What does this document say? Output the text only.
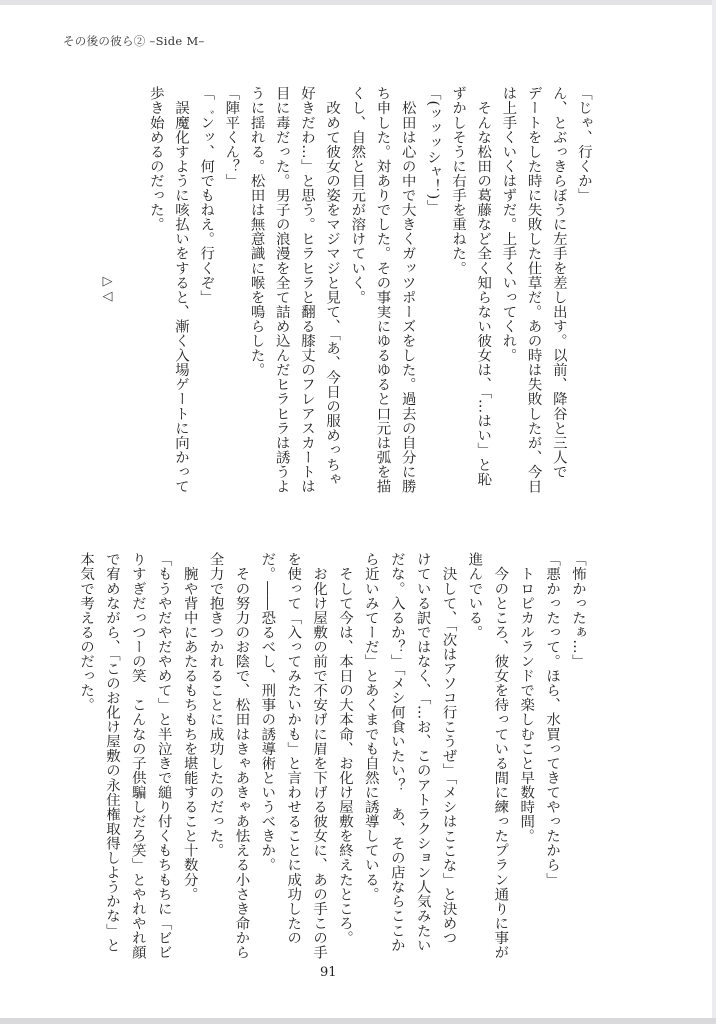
その後の彼ら② –Side M–
「じゃ、行くか」
ん、とぶっきらぼうに左手を差し出す。以前、降谷と三人で
デートをした時に失敗した仕草だ。あの時は失敗したが、今日
は上手くいくはずだ。上手くいってくれ。
　そんな松田の葛藤など全く知らない彼女は、「…はい」と恥
ずかしそうに右手を重ねた。
「(ッッッシャ！)」
　松田は心の中で大きくガッツポーズをした。過去の自分に勝
ち申した。対ありでした。その事実にゆるゆると口元は弧を描
くし、自然と目元が溶けていく。
　改めて彼女の姿をマジマジと見て、「あ、今日の服めっちゃ
好きだわ…」と思う。ヒラヒラと翻る膝丈のフレアスカートは
目に毒だった。男子の浪漫を全て詰め込んだヒラヒラは誘うよ
うに揺れる。松田は無意識に喉を鳴らした。
「陣平くん？」
「゛ンッ、何でもねえ。行くぞ」
　誤魔化すように咳払いをすると、漸く入場ゲートに向かって
歩き始めるのだった。
▷◁
「怖かったぁ…」
「悪かったって。ほら、水買ってきてやったから」
　トロピカルランドで楽しむこと早数時間。
　今のところ、彼女を待っている間に練ったプラン通りに事が
進んでいる。
　決して、「次はアソコ行こうぜ」「メシはここな」と決めつ
けている訳ではなく、「…お、このアトラクション人気みたい
だな。入るか？」「メシ何食いたい？　あ、その店ならここか
ら近いみてーだ」とあくまでも自然に誘導している。
　そして今は、本日の大本命、お化け屋敷を終えたところ。
　お化け屋敷の前で不安げに眉を下げる彼女に、あの手この手
を使って「入ってみたいかも」と言わせることに成功したの
だ。――恐るべし、刑事の誘導術というべきか。
　その努力のお陰で、松田はきゃあきゃあ怯える小さき命から
全力で抱きつかれることに成功したのだった。
　腕や背中にあたるもちもちを堪能すること十数分。
「もうやだやだやめて」と半泣きで縋り付くもちもちに「ビビ
りすぎだっつーの笑　こんなの子供騙しだろ笑」とやれやれ顔
で宥めながら、「このお化け屋敷の永住権取得しようかな」と
本気で考えるのだった。
91
